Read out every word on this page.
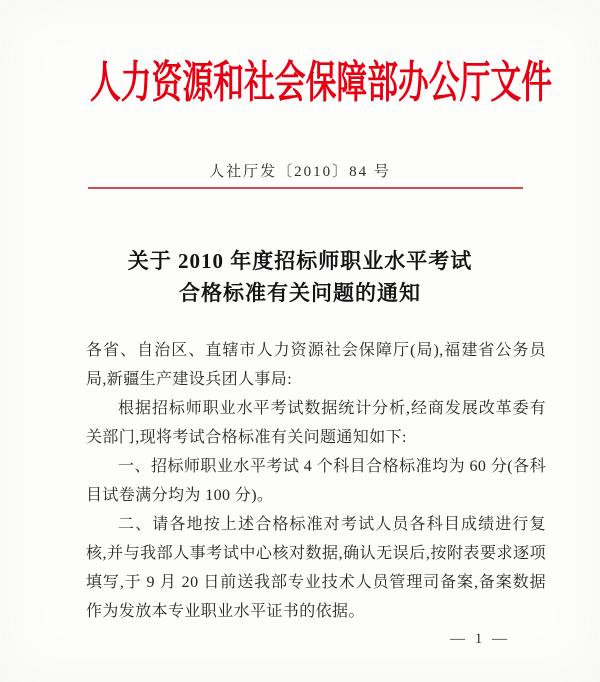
人力资源和社会保障部办公厅文件
人社厅发〔2010〕84 号
关于 2010 年度招标师职业水平考试
合格标准有关问题的通知

各省、自治区、直辖市人力资源社会保障厅(局),福建省公务员局,新疆生产建设兵团人事局:

根据招标师职业水平考试数据统计分析,经商发展改革委有关部门,现将考试合格标准有关问题通知如下:

一、招标师职业水平考试 4 个科目合格标准均为 60 分(各科目试卷满分均为 100 分)。

二、请各地按上述合格标准对考试人员各科目成绩进行复核,并与我部人事考试中心核对数据,确认无误后,按附表要求逐项填写,于 9 月 20 日前送我部专业技术人员管理司备案,备案数据作为发放本专业职业水平证书的依据。

— 1 —
